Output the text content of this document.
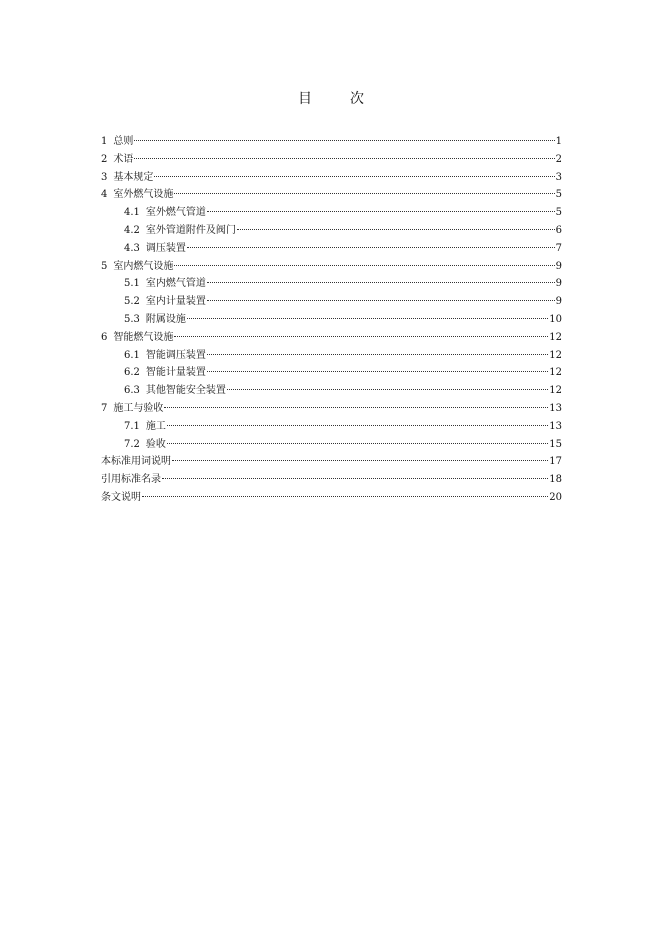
目	次
1 总则	1
2 术语	2
3 基本规定	3
4 室外燃气设施	5
4.1 室外燃气管道	5
4.2 室外管道附件及阀门	6
4.3 调压装置	7
5 室内燃气设施	9
5.1 室内燃气管道	9
5.2 室内计量装置	9
5.3 附属设施	10
6 智能燃气设施	12
6.1 智能调压装置	12
6.2 智能计量装置	12
6.3 其他智能安全装置	12
7 施工与验收	13
7.1 施工	13
7.2 验收	15
本标准用词说明	17
引用标准名录	18
条文说明	20
